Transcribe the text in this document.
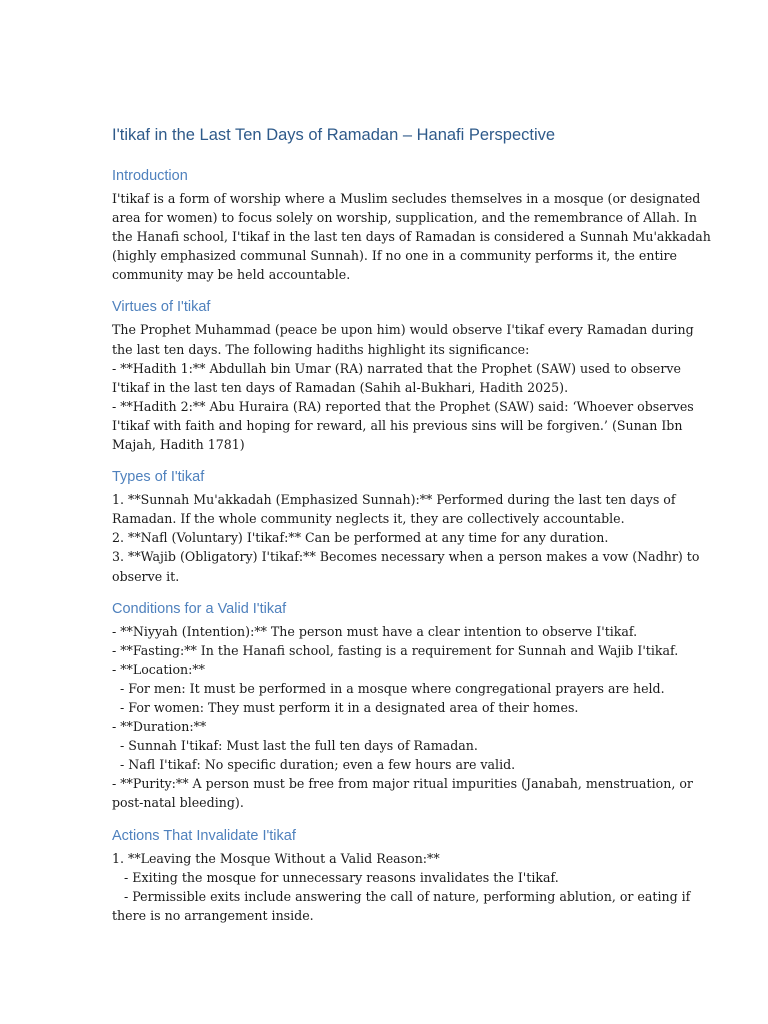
I'tikaf in the Last Ten Days of Ramadan – Hanafi Perspective
Introduction
I'tikaf is a form of worship where a Muslim secludes themselves in a mosque (or designated
area for women) to focus solely on worship, supplication, and the remembrance of Allah. In
the Hanafi school, I'tikaf in the last ten days of Ramadan is considered a Sunnah Mu'akkadah
(highly emphasized communal Sunnah). If no one in a community performs it, the entire
community may be held accountable.
Virtues of I'tikaf
The Prophet Muhammad (peace be upon him) would observe I'tikaf every Ramadan during
the last ten days. The following hadiths highlight its significance:
- **Hadith 1:** Abdullah bin Umar (RA) narrated that the Prophet (SAW) used to observe
I'tikaf in the last ten days of Ramadan (Sahih al-Bukhari, Hadith 2025).
- **Hadith 2:** Abu Huraira (RA) reported that the Prophet (SAW) said: ‘Whoever observes
I'tikaf with faith and hoping for reward, all his previous sins will be forgiven.’ (Sunan Ibn
Majah, Hadith 1781)
Types of I'tikaf
1. **Sunnah Mu'akkadah (Emphasized Sunnah):** Performed during the last ten days of
Ramadan. If the whole community neglects it, they are collectively accountable.
2. **Nafl (Voluntary) I'tikaf:** Can be performed at any time for any duration.
3. **Wajib (Obligatory) I'tikaf:** Becomes necessary when a person makes a vow (Nadhr) to
observe it.
Conditions for a Valid I'tikaf
- **Niyyah (Intention):** The person must have a clear intention to observe I'tikaf.
- **Fasting:** In the Hanafi school, fasting is a requirement for Sunnah and Wajib I'tikaf.
- **Location:**
- For men: It must be performed in a mosque where congregational prayers are held.
- For women: They must perform it in a designated area of their homes.
- **Duration:**
- Sunnah I'tikaf: Must last the full ten days of Ramadan.
- Nafl I'tikaf: No specific duration; even a few hours are valid.
- **Purity:** A person must be free from major ritual impurities (Janabah, menstruation, or
post-natal bleeding).
Actions That Invalidate I'tikaf
1. **Leaving the Mosque Without a Valid Reason:**
- Exiting the mosque for unnecessary reasons invalidates the I'tikaf.
- Permissible exits include answering the call of nature, performing ablution, or eating if
there is no arrangement inside.
